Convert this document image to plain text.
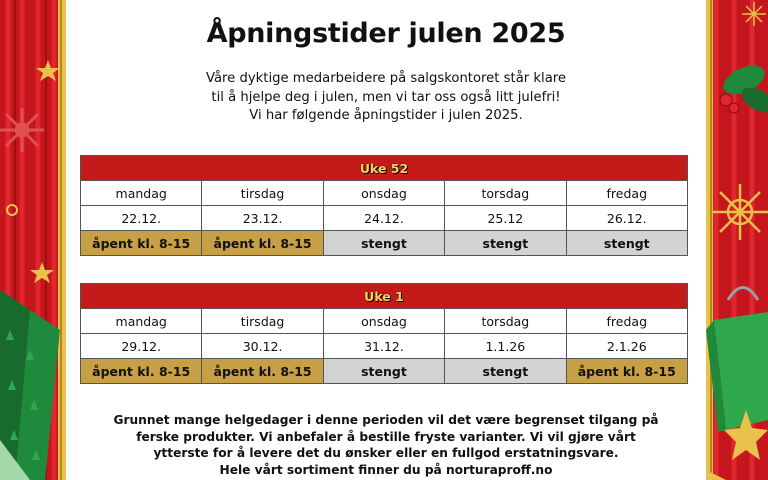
Åpningstider julen 2025
Våre dyktige medarbeidere på salgskontoret står klare
til å hjelpe deg i julen, men vi tar oss også litt julefri!
Vi har følgende åpningstider i julen 2025.
Uke 52				
mandag	tirsdag	onsdag	torsdag	fredag
22.12.	23.12.	24.12.	25.12	26.12.
åpent kl. 8-15	åpent kl. 8-15	stengt	stengt	stengt
Uke 1				
mandag	tirsdag	onsdag	torsdag	fredag
29.12.	30.12.	31.12.	1.1.26	2.1.26
åpent kl. 8-15	åpent kl. 8-15	stengt	stengt	åpent kl. 8-15
Grunnet mange helgedager i denne perioden vil det være begrenset tilgang på
ferske produkter. Vi anbefaler å bestille fryste varianter. Vi vil gjøre vårt
ytterste for å levere det du ønsker eller en fullgod erstatningsvare.
Hele vårt sortiment finner du på norturaproff.no
